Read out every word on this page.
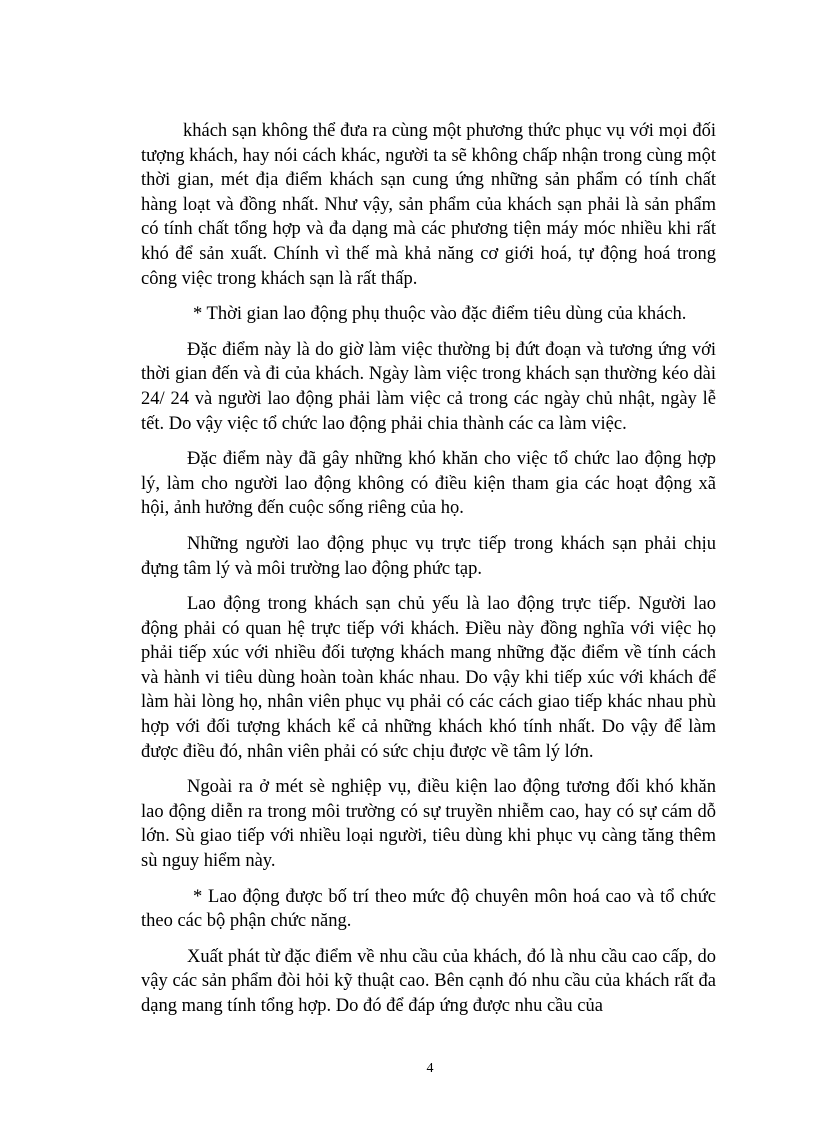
khách sạn không thể đưa ra cùng một phương thức phục vụ với mọi đối tượng khách, hay nói cách khác, người ta sẽ không chấp nhận trong cùng một thời gian, mét địa điểm khách sạn cung ứng những sản phẩm có tính chất hàng loạt và đồng nhất. Như vậy, sản phẩm của khách sạn phải là sản phẩm có tính chất tổng hợp và đa dạng mà các phương tiện máy móc nhiều khi rất khó để sản xuất. Chính vì thế mà khả năng cơ giới hoá, tự động hoá trong công việc trong khách sạn là rất thấp.

* Thời gian lao động phụ thuộc vào đặc điểm tiêu dùng của khách.

Đặc điểm này là do giờ làm việc thường bị đứt đoạn và tương ứng với thời gian đến và đi của khách. Ngày làm việc trong khách sạn thường kéo dài 24/ 24 và người lao động phải làm việc cả trong các ngày chủ nhật, ngày lễ tết. Do vậy việc tổ chức lao động phải chia thành các ca làm việc.

Đặc điểm này đã gây những khó khăn cho việc tổ chức lao động hợp lý, làm cho người lao động không có điều kiện tham gia các hoạt động xã hội, ảnh hưởng đến cuộc sống riêng của họ.

Những người lao động phục vụ trực tiếp trong khách sạn phải chịu đựng tâm lý và môi trường lao động phức tạp.

Lao động trong khách sạn chủ yếu là lao động trực tiếp. Người lao động phải có quan hệ trực tiếp với khách. Điều này đồng nghĩa với việc họ phải tiếp xúc với nhiều đối tượng khách mang những đặc điểm về tính cách và hành vi tiêu dùng hoàn toàn khác nhau. Do vậy khi tiếp xúc với khách để làm hài lòng họ, nhân viên phục vụ phải có các cách giao tiếp khác nhau phù hợp với đối tượng khách kể cả những khách khó tính nhất. Do vậy để làm được điều đó, nhân viên phải có sức chịu được về tâm lý lớn.

Ngoài ra ở mét sè nghiệp vụ, điều kiện lao động tương đối khó khăn lao động diễn ra trong môi trường có sự truyền nhiễm cao, hay có sự cám dỗ lớn. Sù giao tiếp với nhiều loại người, tiêu dùng khi phục vụ càng tăng thêm sù nguy hiểm này.

* Lao động được bố trí theo mức độ chuyên môn hoá cao và tổ chức theo các bộ phận chức năng.

Xuất phát từ đặc điểm về nhu cầu của khách, đó là nhu cầu cao cấp, do vậy các sản phẩm đòi hỏi kỹ thuật cao. Bên cạnh đó nhu cầu của khách rất đa dạng mang tính tổng hợp. Do đó để đáp ứng được nhu cầu của

4
